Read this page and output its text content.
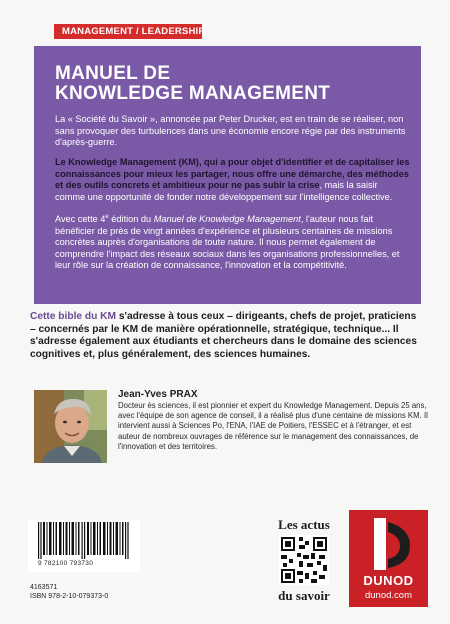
MANAGEMENT / LEADERSHIP
MANUEL DE
KNOWLEDGE MANAGEMENT

La « Société du Savoir », annoncée par Peter Drucker, est en train de se réaliser, non sans provoquer des turbulences dans une économie encore régie par des instruments d'après-guerre.

Le Knowledge Management (KM), qui a pour objet d'identifier et de capitaliser les connaissances pour mieux les partager, nous offre une démarche, des méthodes et des outils concrets et ambitieux pour ne pas subir la crise, mais la saisir comme une opportunité de fonder notre développement sur l'intelligence collective.

Avec cette 4e édition du Manuel de Knowledge Management, l'auteur nous fait bénéficier de près de vingt années d'expérience et plusieurs centaines de missions concrètes auprès d'organisations de toute nature. Il nous permet également de comprendre l'impact des réseaux sociaux dans les organisations professionnelles, et leur rôle sur la création de connaissance, l'innovation et la compétitivité.

Cette bible du KM s'adresse à tous ceux – dirigeants, chefs de projet, praticiens – concernés par le KM de manière opérationnelle, stratégique, technique... Il s'adresse également aux étudiants et chercheurs dans le domaine des sciences cognitives et, plus généralement, des sciences humaines.

Jean-Yves PRAX

Docteur ès sciences, il est pionnier et expert du Knowledge Management. Depuis 25 ans, avec l'équipe de son agence de conseil, il a réalisé plus d'une centaine de missions KM. Il intervient aussi à Sciences Po, l'ENA, l'IAE de Poitiers, l'ESSEC et à l'étranger, et est auteur de nombreux ouvrages de référence sur le management des connaissances, de l'innovation et des territoires.

9 782100 793730
4163571
ISBN 978-2-10-079373-0
Les actus
du savoir
DUNOD
dunod.com
